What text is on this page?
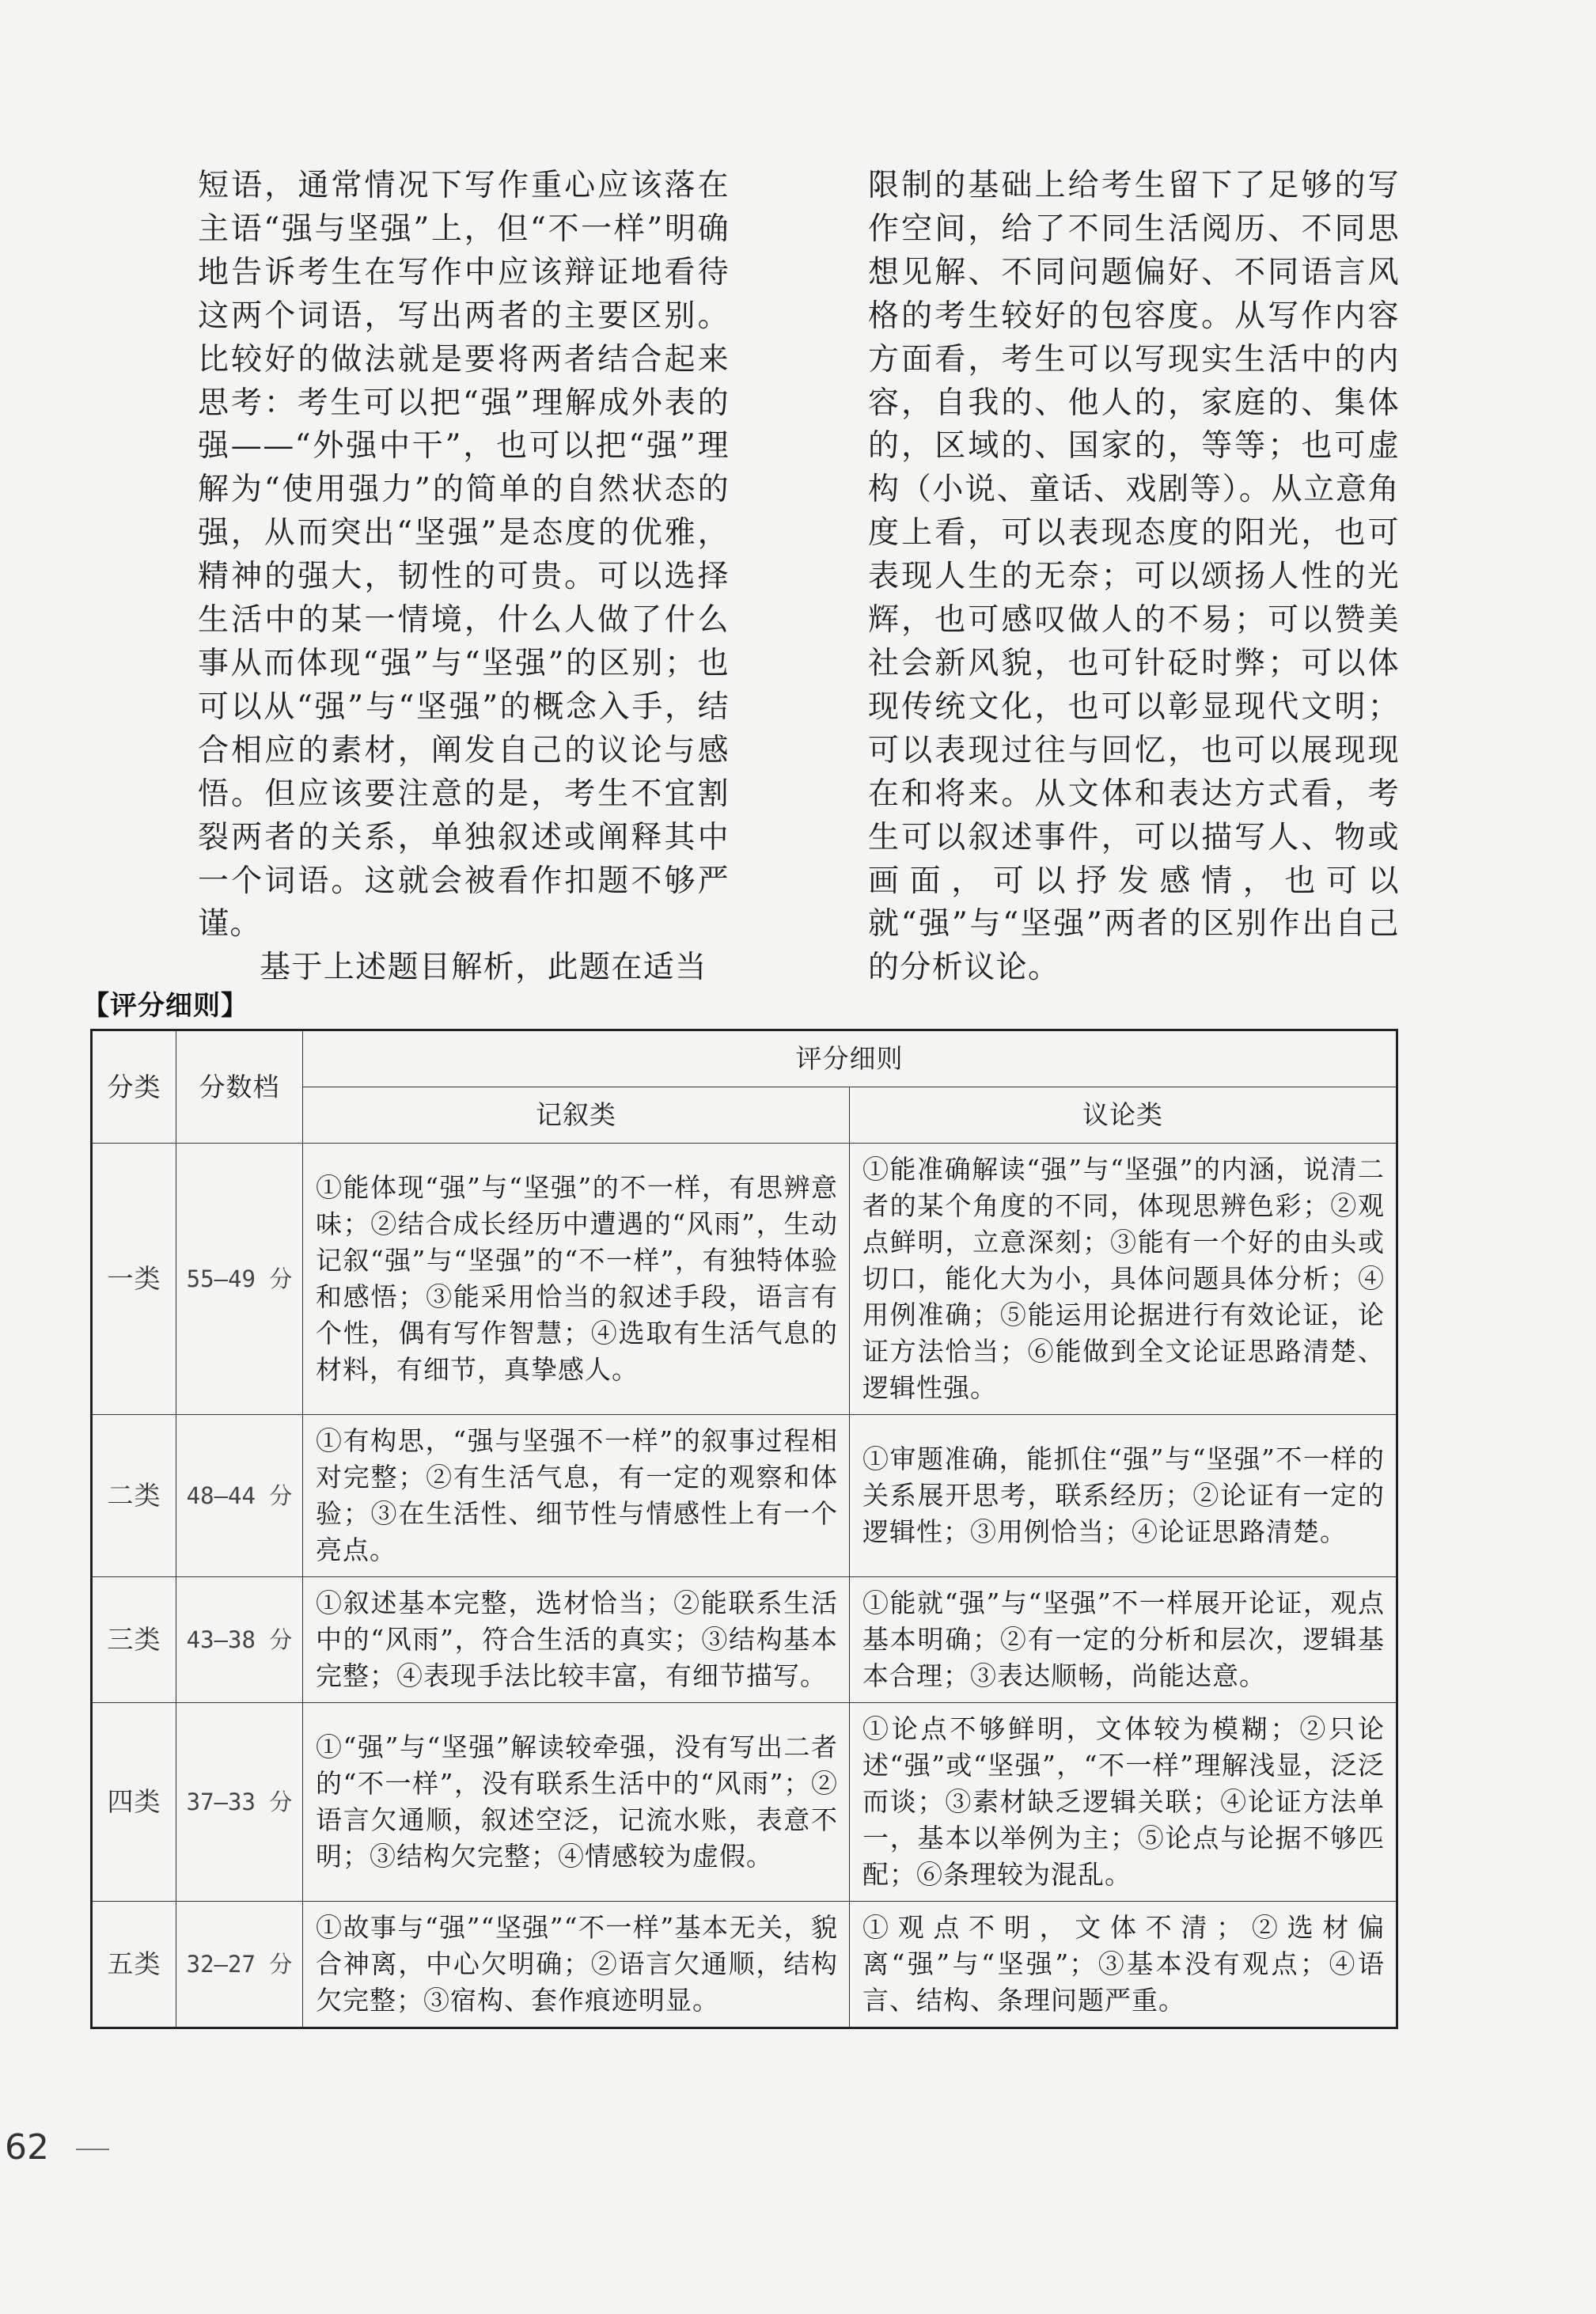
短语，通常情况下写作重心应该落在主语“强与坚强”上，但“不一样”明确地告诉考生在写作中应该辩证地看待这两个词语，写出两者的主要区别。比较好的做法就是要将两者结合起来思考：考生可以把“强”理解成外表的强——“外强中干”，也可以把“强”理解为“使用强力”的简单的自然状态的强，从而突出“坚强”是态度的优雅，精神的强大，韧性的可贵。可以选择生活中的某一情境，什么人做了什么事从而体现“强”与“坚强”的区别；也可以从“强”与“坚强”的概念入手，结合相应的素材，阐发自己的议论与感悟。但应该要注意的是，考生不宜割裂两者的关系，单独叙述或阐释其中一个词语。这就会被看作扣题不够严谨。

基于上述题目解析，此题在适当

限制的基础上给考生留下了足够的写作空间，给了不同生活阅历、不同思想见解、不同问题偏好、不同语言风格的考生较好的包容度。从写作内容方面看，考生可以写现实生活中的内容，自我的、他人的，家庭的、集体的，区域的、国家的，等等；也可虚构（小说、童话、戏剧等）。从立意角度上看，可以表现态度的阳光，也可表现人生的无奈；可以颂扬人性的光辉，也可感叹做人的不易；可以赞美社会新风貌，也可针砭时弊；可以体现传统文化，也可以彰显现代文明；可以表现过往与回忆，也可以展现现在和将来。从文体和表达方式看，考生可以叙述事件，可以描写人、物或画面，可以抒发感情，也可以就“强”与“坚强”两者的区别作出自己的分析议论。

【评分细则】
分类	分数档	评分细则	
		记叙类	议论类
一类	55—49 分	①能体现“强”与“坚强”的不一样，有思辨意味；②结合成长经历中遭遇的“风雨”，生动记叙“强”与“坚强”的“不一样”，有独特体验和感悟；③能采用恰当的叙述手段，语言有个性，偶有写作智慧；④选取有生活气息的材料，有细节，真挚感人。	①能准确解读“强”与“坚强”的内涵，说清二者的某个角度的不同，体现思辨色彩；②观点鲜明，立意深刻；③能有一个好的由头或切口，能化大为小，具体问题具体分析；④用例准确；⑤能运用论据进行有效论证，论证方法恰当；⑥能做到全文论证思路清楚、逻辑性强。
二类	48—44 分	①有构思，“强与坚强不一样”的叙事过程相对完整；②有生活气息，有一定的观察和体验；③在生活性、细节性与情感性上有一个亮点。	①审题准确，能抓住“强”与“坚强”不一样的关系展开思考，联系经历；②论证有一定的逻辑性；③用例恰当；④论证思路清楚。
三类	43—38 分	①叙述基本完整，选材恰当；②能联系生活中的“风雨”，符合生活的真实；③结构基本完整；④表现手法比较丰富，有细节描写。	①能就“强”与“坚强”不一样展开论证，观点基本明确；②有一定的分析和层次，逻辑基本合理；③表达顺畅，尚能达意。
四类	37—33 分	①“强”与“坚强”解读较牵强，没有写出二者的“不一样”，没有联系生活中的“风雨”；②语言欠通顺，叙述空泛，记流水账，表意不明；③结构欠完整；④情感较为虚假。	①论点不够鲜明，文体较为模糊；②只论述“强”或“坚强”，“不一样”理解浅显，泛泛而谈；③素材缺乏逻辑关联；④论证方法单一，基本以举例为主；⑤论点与论据不够匹配；⑥条理较为混乱。
五类	32—27 分	①故事与“强”“坚强”“不一样”基本无关，貌合神离，中心欠明确；②语言欠通顺，结构欠完整；③宿构、套作痕迹明显。	①观点不明，文体不清；②选材偏离“强”与“坚强”；③基本没有观点；④语言、结构、条理问题严重。
62
